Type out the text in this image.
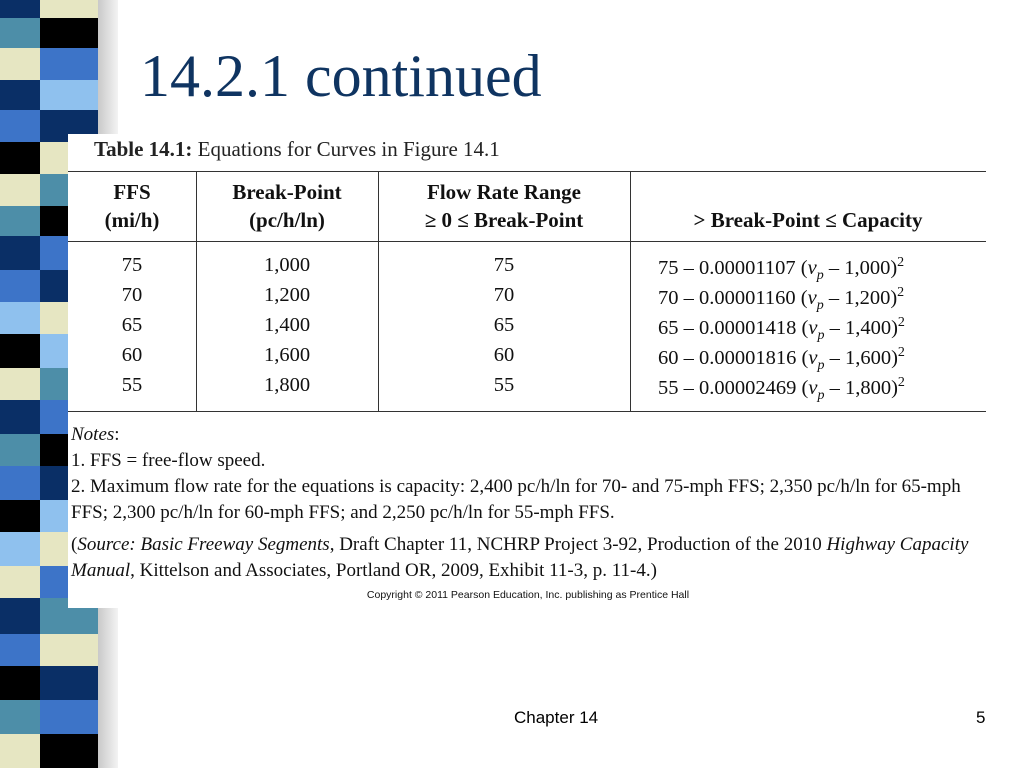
14.2.1 continued
Table 14.1: Equations for Curves in Figure 14.1
FFS
(mi/h)
Break-Point
(pc/h/ln)
Flow Rate Range
≥ 0 ≤ Break-Point	> Break-Point ≤ Capacity
75
70
65
60
55
1,000
1,200
1,400
1,600
1,800
75
70
65
60
55
75 – 0.00001107 $(v_p - 1,000)^2$
70 – 0.00001160 $(v_p - 1,200)^2$
65 – 0.00001418 $(v_p - 1,400)^2$
60 – 0.00001816 $(v_p - 1,600)^2$
55 – 0.00002469 $(v_p - 1,800)^2$

Notes:

1. FFS = free-flow speed.

2. Maximum flow rate for the equations is capacity: 2,400 pc/h/ln for 70- and 75-mph FFS; 2,350 pc/h/ln for 65-mph FFS; 2,300 pc/h/ln for 60-mph FFS; and 2,250 pc/h/ln for 55-mph FFS.

(Source: Basic Freeway Segments, Draft Chapter 11, NCHRP Project 3-92, Production of the 2010 Highway Capacity Manual, Kittelson and Associates, Portland OR, 2009, Exhibit 11-3, p. 11-4.)

Copyright © 2011 Pearson Education, Inc. publishing as Prentice Hall
Chapter 14	5
